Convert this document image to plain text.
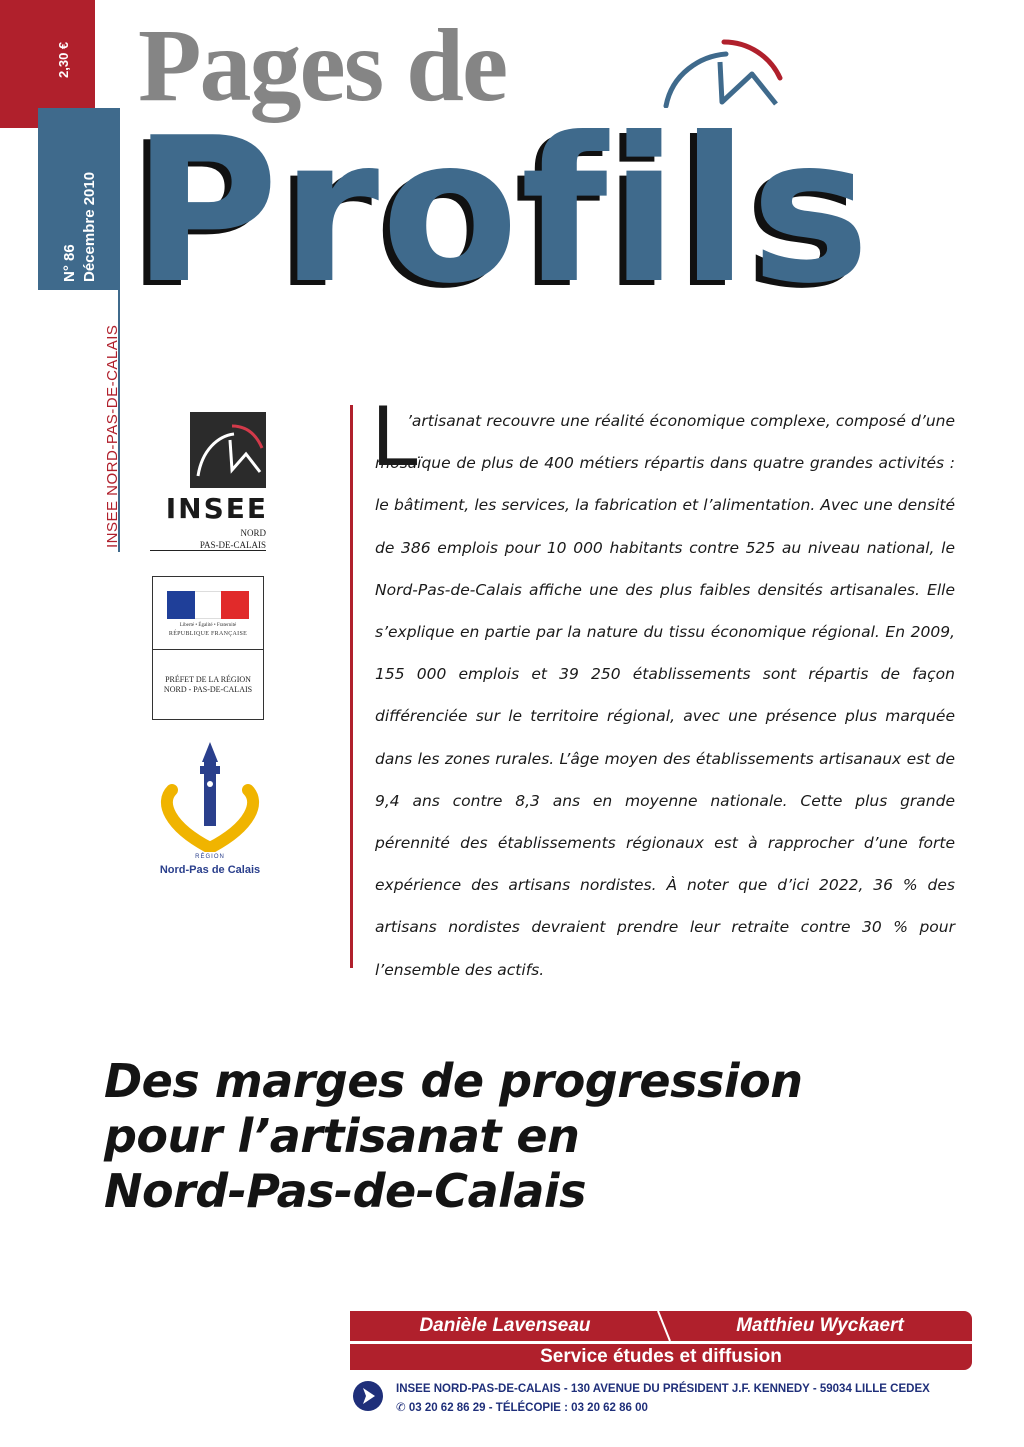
2,30 €
N° 86 Décembre 2010
INSEE NORD-PAS-DE-CALAIS
Pages de
Profils
INSEE
NORD
PAS-DE-CALAIS
Liberté • Égalité • Fraternité
RÉPUBLIQUE FRANÇAISE
PRÉFET DE LA RÉGION
NORD - PAS-DE-CALAIS
RÉGION
Nord-Pas de Calais
L
’artisanat recouvre une réalité économique complexe, composé d’une mosaïque de plus de 400 métiers répartis dans quatre grandes activités : le bâtiment, les services, la fabrication et l’alimentation. Avec une densité de 386 emplois pour 10 000 habitants contre 525 au niveau national, le Nord-Pas-de-Calais affiche une des plus faibles densités artisanales. Elle s’explique en partie par la nature du tissu économique régional. En 2009, 155 000 emplois et 39 250 établissements sont répartis de façon différenciée sur le territoire régional, avec une présence plus marquée dans les zones rurales. L’âge moyen des établissements artisanaux est de 9,4 ans contre 8,3 ans en moyenne nationale. Cette plus grande pérennité des établissements régionaux est à rapprocher d’une forte expérience des artisans nordistes. À noter que d’ici 2022, 36 % des artisans nordistes devraient prendre leur retraite contre 30 % pour l’ensemble des actifs.
Des marges de progression
pour l’artisanat en
Nord-Pas-de-Calais
Danièle Lavenseau	Matthieu Wyckaert
Service études et diffusion
INSEE NORD-PAS-DE-CALAIS - 130 AVENUE DU PRÉSIDENT J.F. KENNEDY - 59034 LILLE CEDEX
✆ 03 20 62 86 29 - TÉLÉCOPIE : 03 20 62 86 00
